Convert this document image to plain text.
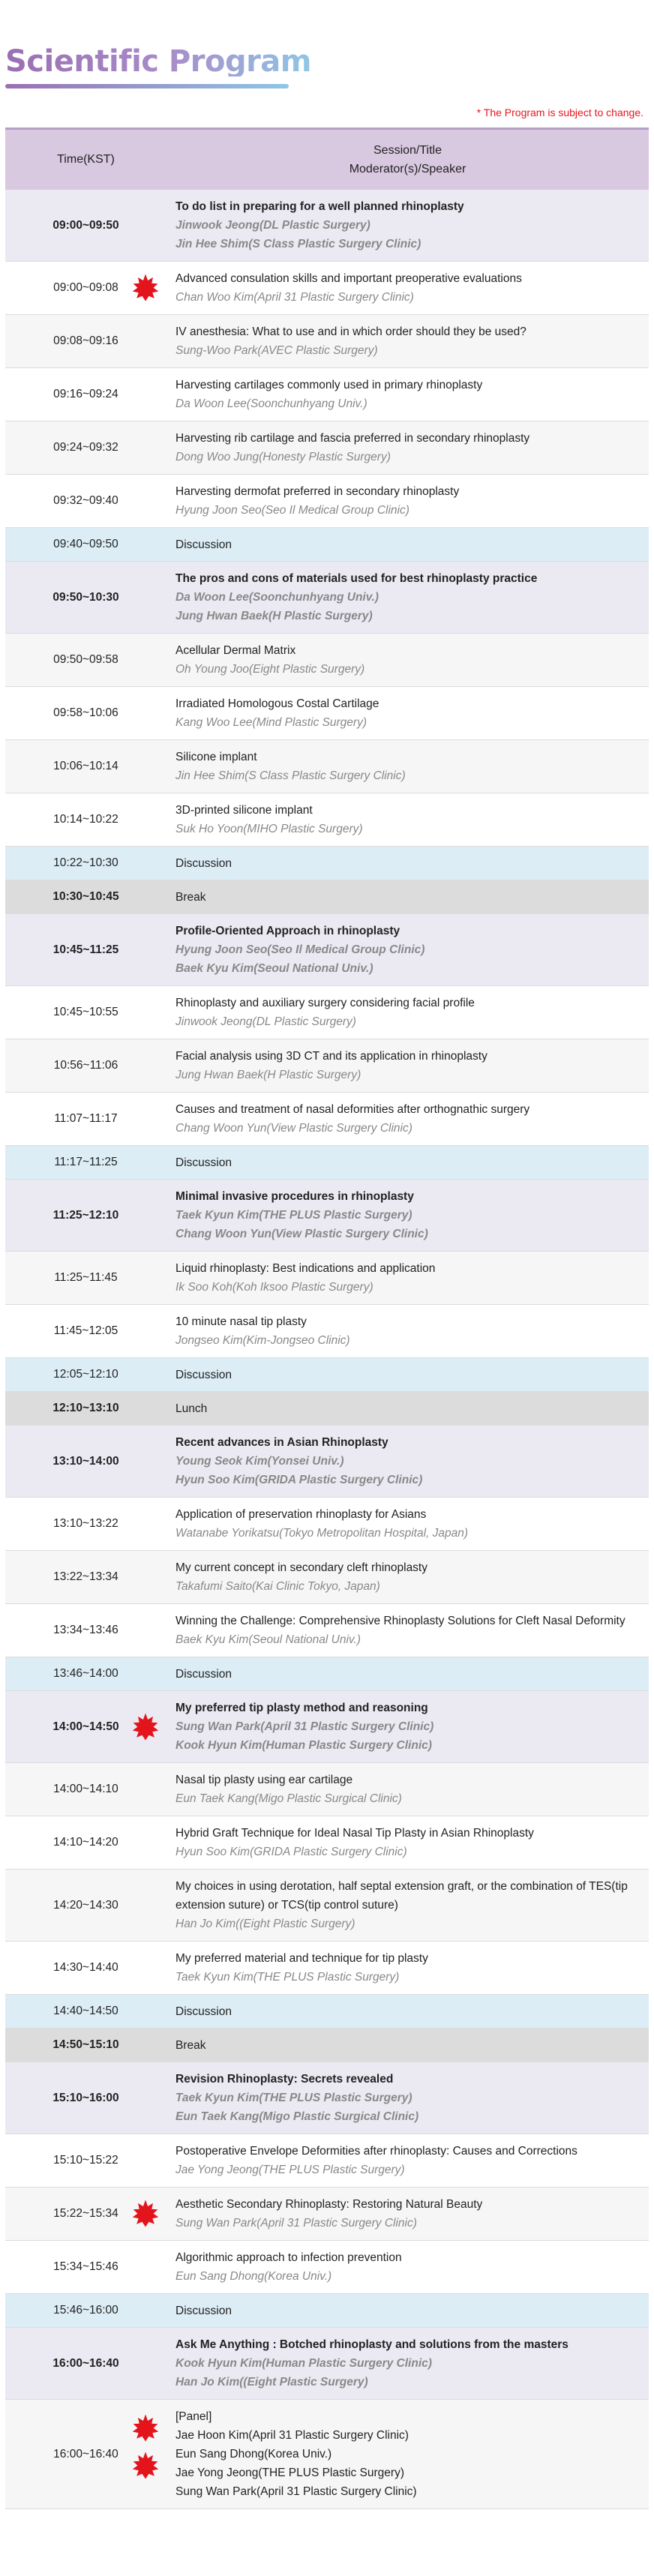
Scientific Program
* The Program is subject to change.
Time(KST)	Session/Title
Moderator(s)/Speaker

09:00~09:50	To do list in preparing for a well planned rhinoplasty
Jinwook Jeong(DL Plastic Surgery)
Jin Hee Shim(S Class Plastic Surgery Clinic)

09:00~09:08	Advanced consulation skills and important preoperative evaluations
Chan Woo Kim(April 31 Plastic Surgery Clinic)

09:08~09:16	IV anesthesia: What to use and in which order should they be used?
Sung-Woo Park(AVEC Plastic Surgery)

09:16~09:24	Harvesting cartilages commonly used in primary rhinoplasty
Da Woon Lee(Soonchunhyang Univ.)

09:24~09:32	Harvesting rib cartilage and fascia preferred in secondary rhinoplasty
Dong Woo Jung(Honesty Plastic Surgery)

09:32~09:40	Harvesting dermofat preferred in secondary rhinoplasty
Hyung Joon Seo(Seo Il Medical Group Clinic)

09:40~09:50	Discussion

09:50~10:30	The pros and cons of materials used for best rhinoplasty practice
Da Woon Lee(Soonchunhyang Univ.)
Jung Hwan Baek(H Plastic Surgery)

09:50~09:58	Acellular Dermal Matrix
Oh Young Joo(Eight Plastic Surgery)

09:58~10:06	Irradiated Homologous Costal Cartilage
Kang Woo Lee(Mind Plastic Surgery)

10:06~10:14	Silicone implant
Jin Hee Shim(S Class Plastic Surgery Clinic)

10:14~10:22	3D-printed silicone implant
Suk Ho Yoon(MIHO Plastic Surgery)

10:22~10:30	Discussion

10:30~10:45	Break

10:45~11:25	Profile-Oriented Approach in rhinoplasty
Hyung Joon Seo(Seo Il Medical Group Clinic)
Baek Kyu Kim(Seoul National Univ.)

10:45~10:55	Rhinoplasty and auxiliary surgery considering facial profile
Jinwook Jeong(DL Plastic Surgery)

10:56~11:06	Facial analysis using 3D CT and its application in rhinoplasty
Jung Hwan Baek(H Plastic Surgery)

11:07~11:17	Causes and treatment of nasal deformities after orthognathic surgery
Chang Woon Yun(View Plastic Surgery Clinic)

11:17~11:25	Discussion

11:25~12:10	Minimal invasive procedures in rhinoplasty
Taek Kyun Kim(THE PLUS Plastic Surgery)
Chang Woon Yun(View Plastic Surgery Clinic)

11:25~11:45	Liquid rhinoplasty: Best indications and application
Ik Soo Koh(Koh Iksoo Plastic Surgery)

11:45~12:05	10 minute nasal tip plasty
Jongseo Kim(Kim-Jongseo Clinic)

12:05~12:10	Discussion

12:10~13:10	Lunch

13:10~14:00	Recent advances in Asian Rhinoplasty
Young Seok Kim(Yonsei Univ.)
Hyun Soo Kim(GRIDA Plastic Surgery Clinic)

13:10~13:22	Application of preservation rhinoplasty for Asians
Watanabe Yorikatsu(Tokyo Metropolitan Hospital, Japan)

13:22~13:34	My current concept in secondary cleft rhinoplasty
Takafumi Saito(Kai Clinic Tokyo, Japan)

13:34~13:46	Winning the Challenge: Comprehensive Rhinoplasty Solutions for Cleft Nasal Deformity
Baek Kyu Kim(Seoul National Univ.)

13:46~14:00	Discussion

14:00~14:50	My preferred tip plasty method and reasoning
Sung Wan Park(April 31 Plastic Surgery Clinic)
Kook Hyun Kim(Human Plastic Surgery Clinic)

14:00~14:10	Nasal tip plasty using ear cartilage
Eun Taek Kang(Migo Plastic Surgical Clinic)

14:10~14:20	Hybrid Graft Technique for Ideal Nasal Tip Plasty in Asian Rhinoplasty
Hyun Soo Kim(GRIDA Plastic Surgery Clinic)

14:20~14:30	My choices in using derotation, half septal extension graft, or the combination of TES(tip extension suture) or TCS(tip control suture)
Han Jo Kim((Eight Plastic Surgery)

14:30~14:40	My preferred material and technique for tip plasty
Taek Kyun Kim(THE PLUS Plastic Surgery)

14:40~14:50	Discussion

14:50~15:10	Break

15:10~16:00	Revision Rhinoplasty: Secrets revealed
Taek Kyun Kim(THE PLUS Plastic Surgery)
Eun Taek Kang(Migo Plastic Surgical Clinic)

15:10~15:22	Postoperative Envelope Deformities after rhinoplasty: Causes and Corrections
Jae Yong Jeong(THE PLUS Plastic Surgery)

15:22~15:34	Aesthetic Secondary Rhinoplasty: Restoring Natural Beauty
Sung Wan Park(April 31 Plastic Surgery Clinic)

15:34~15:46	Algorithmic approach to infection prevention
Eun Sang Dhong(Korea Univ.)

15:46~16:00	Discussion

16:00~16:40	Ask Me Anything : Botched rhinoplasty and solutions from the masters
Kook Hyun Kim(Human Plastic Surgery Clinic)
Han Jo Kim((Eight Plastic Surgery)

16:00~16:40	[Panel]
Jae Hoon Kim(April 31 Plastic Surgery Clinic)
Eun Sang Dhong(Korea Univ.)
Jae Yong Jeong(THE PLUS Plastic Surgery)
Sung Wan Park(April 31 Plastic Surgery Clinic)
